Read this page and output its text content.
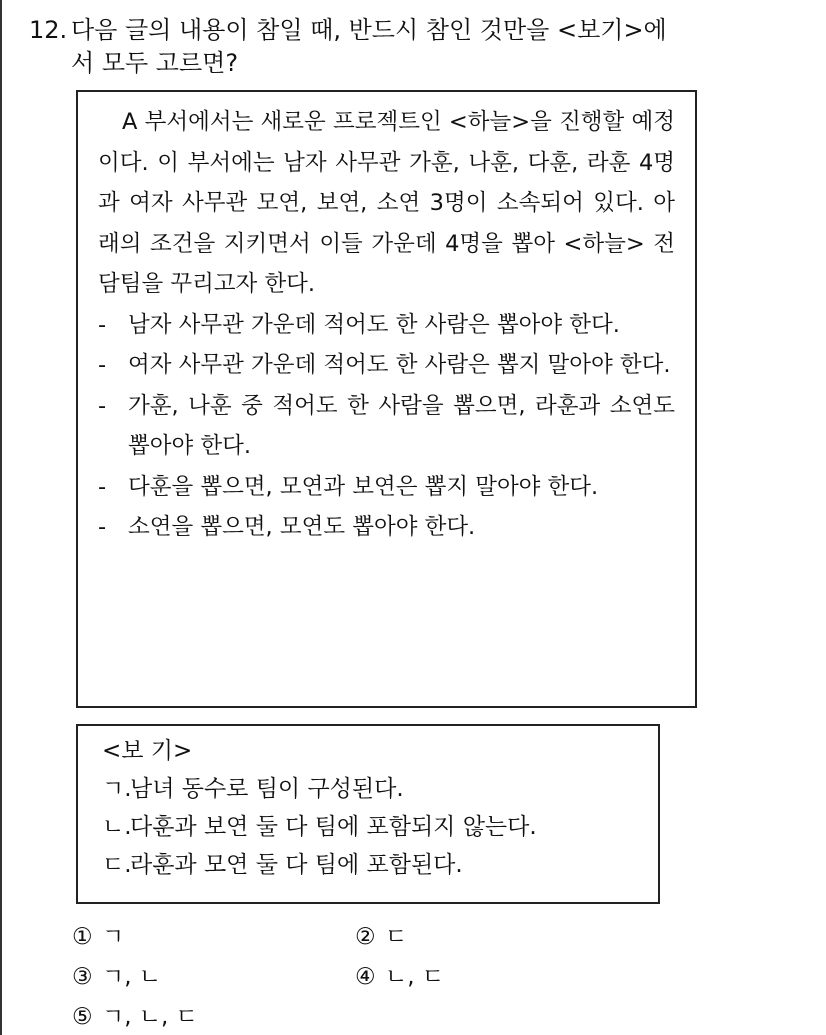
12. 다음 글의 내용이 참일 때, 반드시 참인 것만을 <보기>에
서 모두 고르면?

A 부서에서는 새로운 프로젝트인 <하늘>을 진행할 예정이다. 이 부서에는 남자 사무관 가훈, 나훈, 다훈, 라훈 4명과 여자 사무관 모연, 보연, 소연 3명이 소속되어 있다. 아래의 조건을 지키면서 이들 가운데 4명을 뽑아 <하늘> 전담팀을 꾸리고자 한다.

- 남자 사무관 가운데 적어도 한 사람은 뽑아야 한다.

- 여자 사무관 가운데 적어도 한 사람은 뽑지 말아야 한다.

- 가훈, 나훈 중 적어도 한 사람을 뽑으면, 라훈과 소연도 뽑아야 한다.

- 다훈을 뽑으면, 모연과 보연은 뽑지 말아야 한다.

- 소연을 뽑으면, 모연도 뽑아야 한다.

<보 기>
ㄱ.남녀 동수로 팀이 구성된다.
ㄴ.다훈과 보연 둘 다 팀에 포함되지 않는다.
ㄷ.라훈과 모연 둘 다 팀에 포함된다.
① ㄱ	② ㄷ
③ ㄱ, ㄴ	④ ㄴ, ㄷ
⑤ ㄱ, ㄴ, ㄷ
